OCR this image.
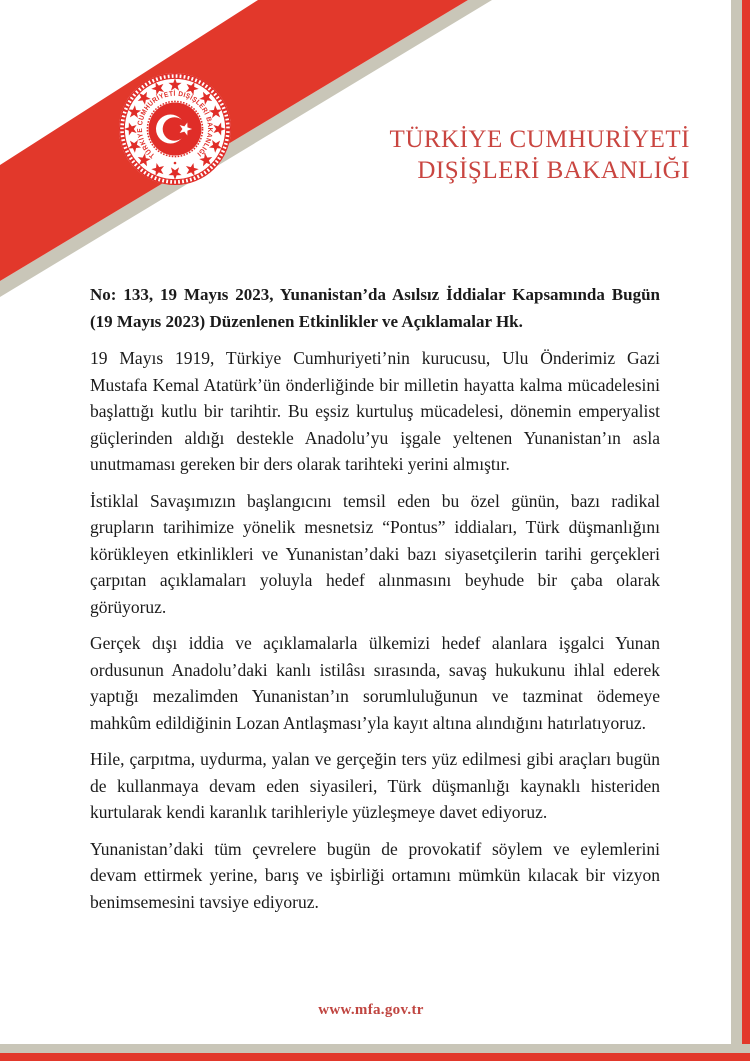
TÜRKİYE CUMHURİYETİ DIŞİŞLERİ BAKANLIĞI
TÜRKİYE CUMHURİYETİ
DIŞİŞLERİ BAKANLIĞI

No: 133, 19 Mayıs 2023, Yunanistan’da Asılsız İddialar Kapsamında Bugün (19 Mayıs 2023) Düzenlenen Etkinlikler ve Açıklamalar Hk.

19 Mayıs 1919, Türkiye Cumhuriyeti’nin kurucusu, Ulu Önderimiz Gazi Mustafa Kemal Atatürk’ün önderliğinde bir milletin hayatta kalma mücadelesini başlattığı kutlu bir tarihtir. Bu eşsiz kurtuluş mücadelesi, dönemin emperyalist güçlerinden aldığı destekle Anadolu’yu işgale yeltenen Yunanistan’ın asla unutmaması gereken bir ders olarak tarihteki yerini almıştır.

İstiklal Savaşımızın başlangıcını temsil eden bu özel günün, bazı radikal grupların tarihimize yönelik mesnetsiz “Pontus” iddiaları, Türk düşmanlığını körükleyen etkinlikleri ve Yunanistan’daki bazı siyasetçilerin tarihi gerçekleri çarpıtan açıklamaları yoluyla hedef alınmasını beyhude bir çaba olarak görüyoruz.

Gerçek dışı iddia ve açıklamalarla ülkemizi hedef alanlara işgalci Yunan ordusunun Anadolu’daki kanlı istilâsı sırasında, savaş hukukunu ihlal ederek yaptığı mezalimden Yunanistan’ın sorumluluğunun ve tazminat ödemeye mahkûm edildiğinin Lozan Antlaşması’yla kayıt altına alındığını hatırlatıyoruz.

Hile, çarpıtma, uydurma, yalan ve gerçeğin ters yüz edilmesi gibi araçları bugün de kullanmaya devam eden siyasileri, Türk düşmanlığı kaynaklı histeriden kurtularak kendi karanlık tarihleriyle yüzleşmeye davet ediyoruz.

Yunanistan’daki tüm çevrelere bugün de provokatif söylem ve eylemlerini devam ettirmek yerine, barış ve işbirliği ortamını mümkün kılacak bir vizyon benimsemesini tavsiye ediyoruz.

www.mfa.gov.tr
